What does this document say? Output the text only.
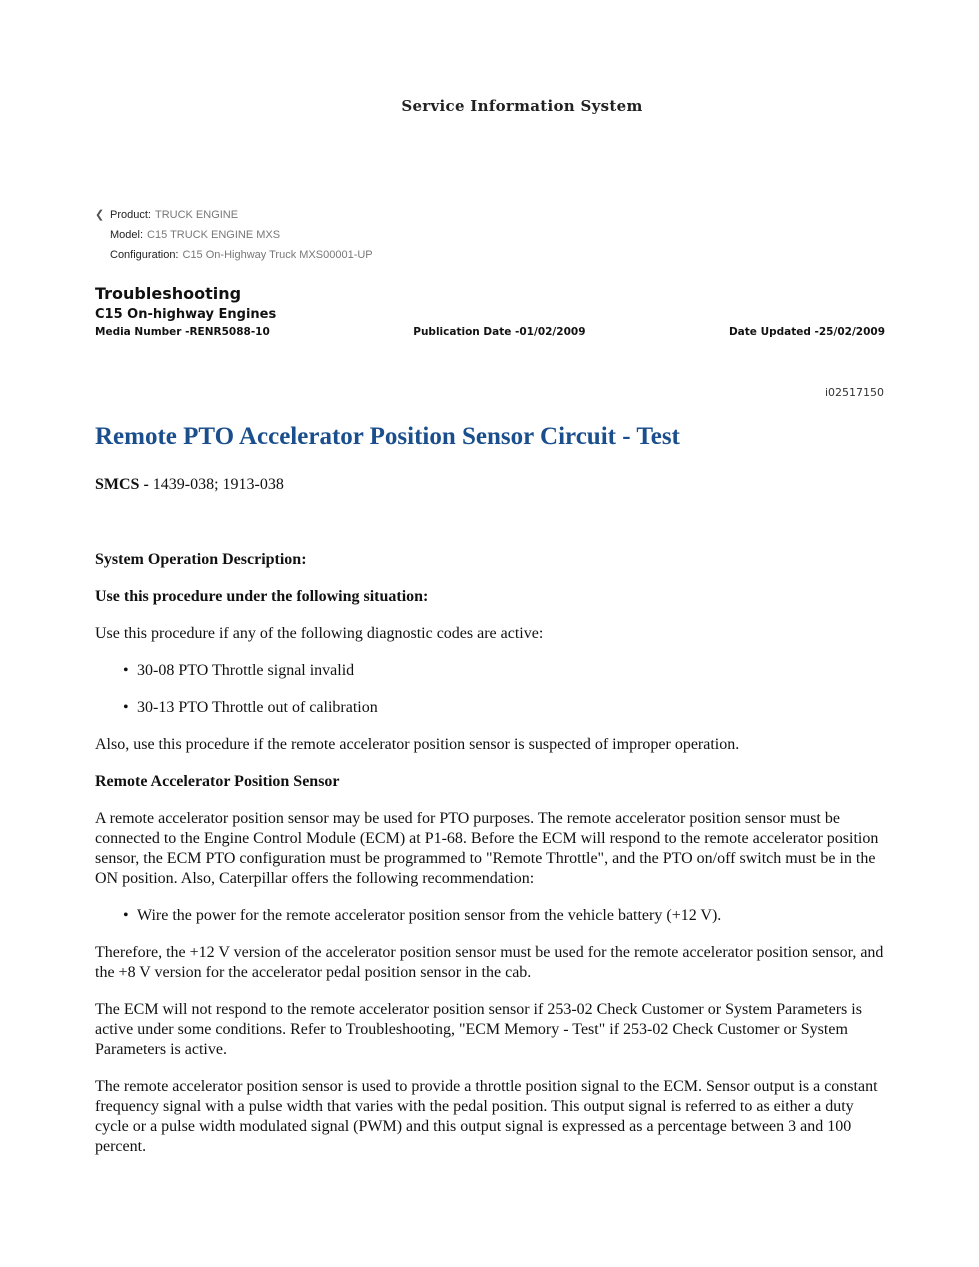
Service Information System
❮ Product: TRUCK ENGINE
Model: C15 TRUCK ENGINE MXS
Configuration: C15 On-Highway Truck MXS00001-UP
Troubleshooting
C15 On-highway Engines
Media Number -RENR5088-10	Publication Date -01/02/2009	Date Updated -25/02/2009
Remote PTO Accelerator Position Sensor Circuit - Test
SMCS - 1439-038; 1913-038

System Operation Description:

Use this procedure under the following situation:

Use this procedure if any of the following diagnostic codes are active:

• 30-08 PTO Throttle signal invalid
• 30-13 PTO Throttle out of calibration

Also, use this procedure if the remote accelerator position sensor is suspected of improper operation.

Remote Accelerator Position Sensor

A remote accelerator position sensor may be used for PTO purposes. The remote accelerator position sensor must be connected to the Engine Control Module (ECM) at P1-68. Before the ECM will respond to the remote accelerator position sensor, the ECM PTO configuration must be programmed to "Remote Throttle", and the PTO on/off switch must be in the ON position. Also, Caterpillar offers the following recommendation:

• Wire the power for the remote accelerator position sensor from the vehicle battery (+12 V).

Therefore, the +12 V version of the accelerator position sensor must be used for the remote accelerator position sensor, and the +8 V version for the accelerator pedal position sensor in the cab.

The ECM will not respond to the remote accelerator position sensor if 253-02 Check Customer or System Parameters is active under some conditions. Refer to Troubleshooting, "ECM Memory - Test" if 253-02 Check Customer or System Parameters is active.

The remote accelerator position sensor is used to provide a throttle position signal to the ECM. Sensor output is a constant frequency signal with a pulse width that varies with the pedal position. This output signal is referred to as either a duty cycle or a pulse width modulated signal (PWM) and this output signal is expressed as a percentage between 3 and 100 percent.

i02517150
